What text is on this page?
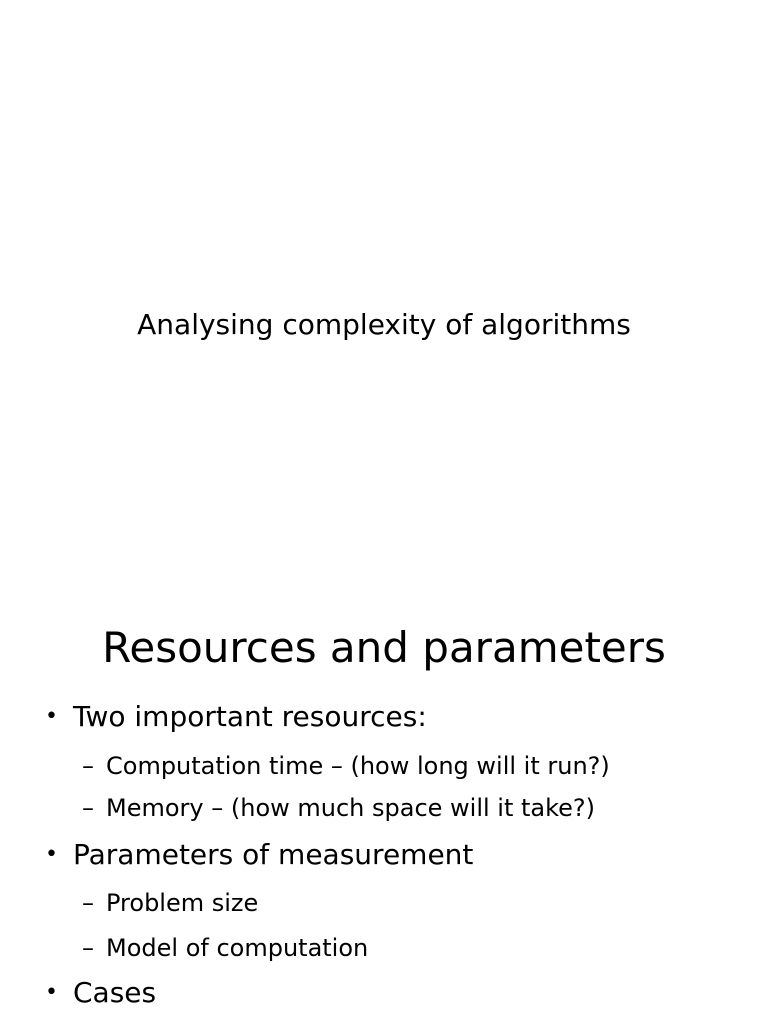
Analysing complexity of algorithms
Resources and parameters
• Two important resources:
– Computation time – (how long will it run?)
– Memory – (how much space will it take?)
• Parameters of measurement
– Problem size
– Model of computation
• Cases
